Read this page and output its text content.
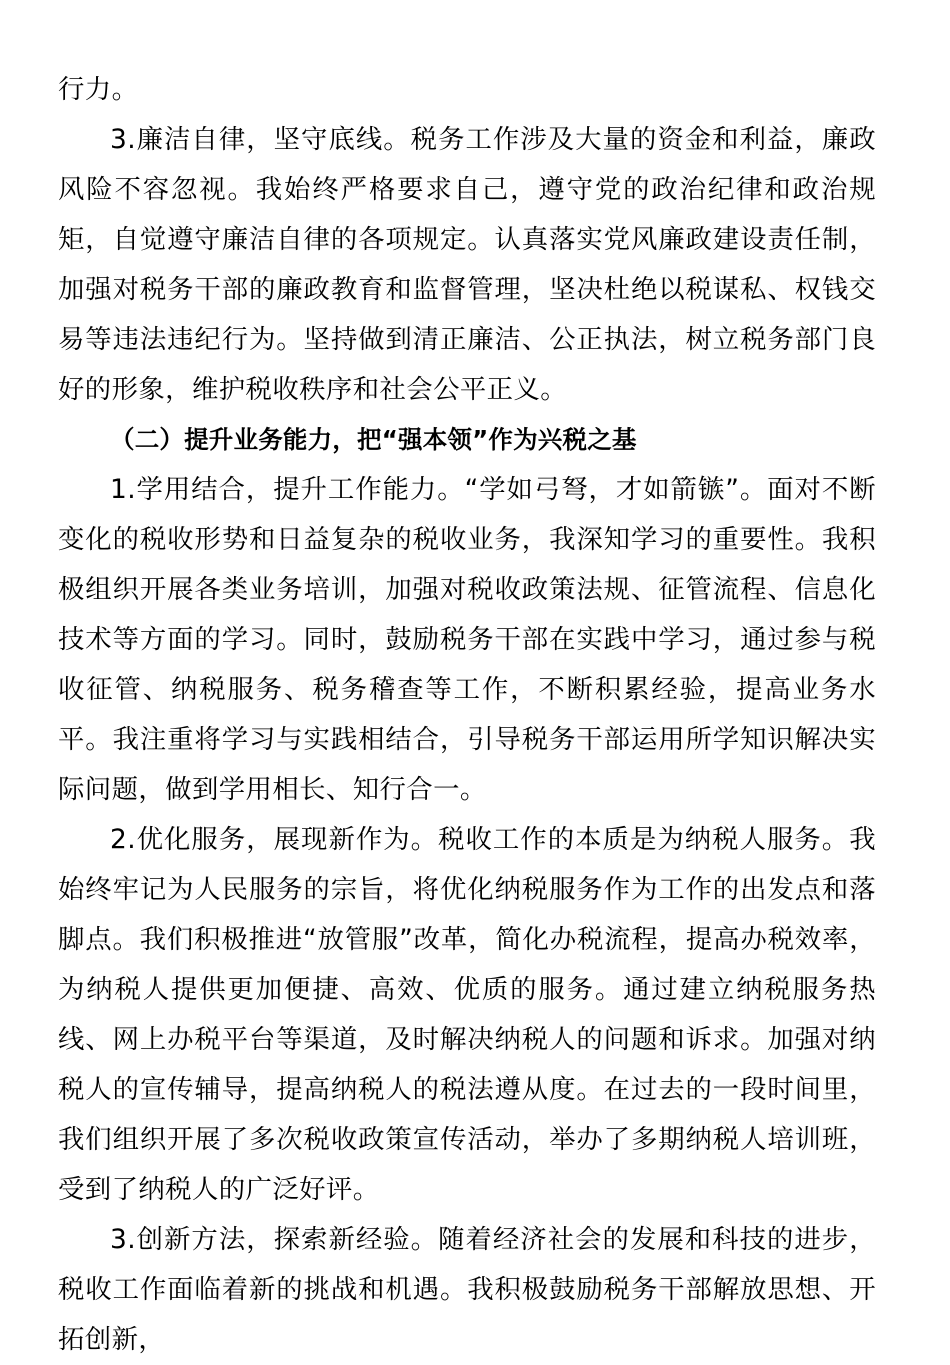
行力。

3.廉洁自律，坚守底线。税务工作涉及大量的资金和利益，廉政风险不容忽视。我始终严格要求自己，遵守党的政治纪律和政治规矩，自觉遵守廉洁自律的各项规定。认真落实党风廉政建设责任制，加强对税务干部的廉政教育和监督管理，坚决杜绝以税谋私、权钱交易等违法违纪行为。坚持做到清正廉洁、公正执法，树立税务部门良好的形象，维护税收秩序和社会公平正义。

（二）提升业务能力，把“强本领”作为兴税之基

1.学用结合，提升工作能力。“学如弓弩，才如箭镞”。面对不断变化的税收形势和日益复杂的税收业务，我深知学习的重要性。我积极组织开展各类业务培训，加强对税收政策法规、征管流程、信息化技术等方面的学习。同时，鼓励税务干部在实践中学习，通过参与税收征管、纳税服务、税务稽查等工作，不断积累经验，提高业务水平。我注重将学习与实践相结合，引导税务干部运用所学知识解决实际问题，做到学用相长、知行合一。

2.优化服务，展现新作为。税收工作的本质是为纳税人服务。我始终牢记为人民服务的宗旨，将优化纳税服务作为工作的出发点和落脚点。我们积极推进“放管服”改革，简化办税流程，提高办税效率，为纳税人提供更加便捷、高效、优质的服务。通过建立纳税服务热线、网上办税平台等渠道，及时解决纳税人的问题和诉求。加强对纳税人的宣传辅导，提高纳税人的税法遵从度。在过去的一段时间里，我们组织开展了多次税收政策宣传活动，举办了多期纳税人培训班，受到了纳税人的广泛好评。

3.创新方法，探索新经验。随着经济社会的发展和科技的进步，税收工作面临着新的挑战和机遇。我积极鼓励税务干部解放思想、开拓创新，
